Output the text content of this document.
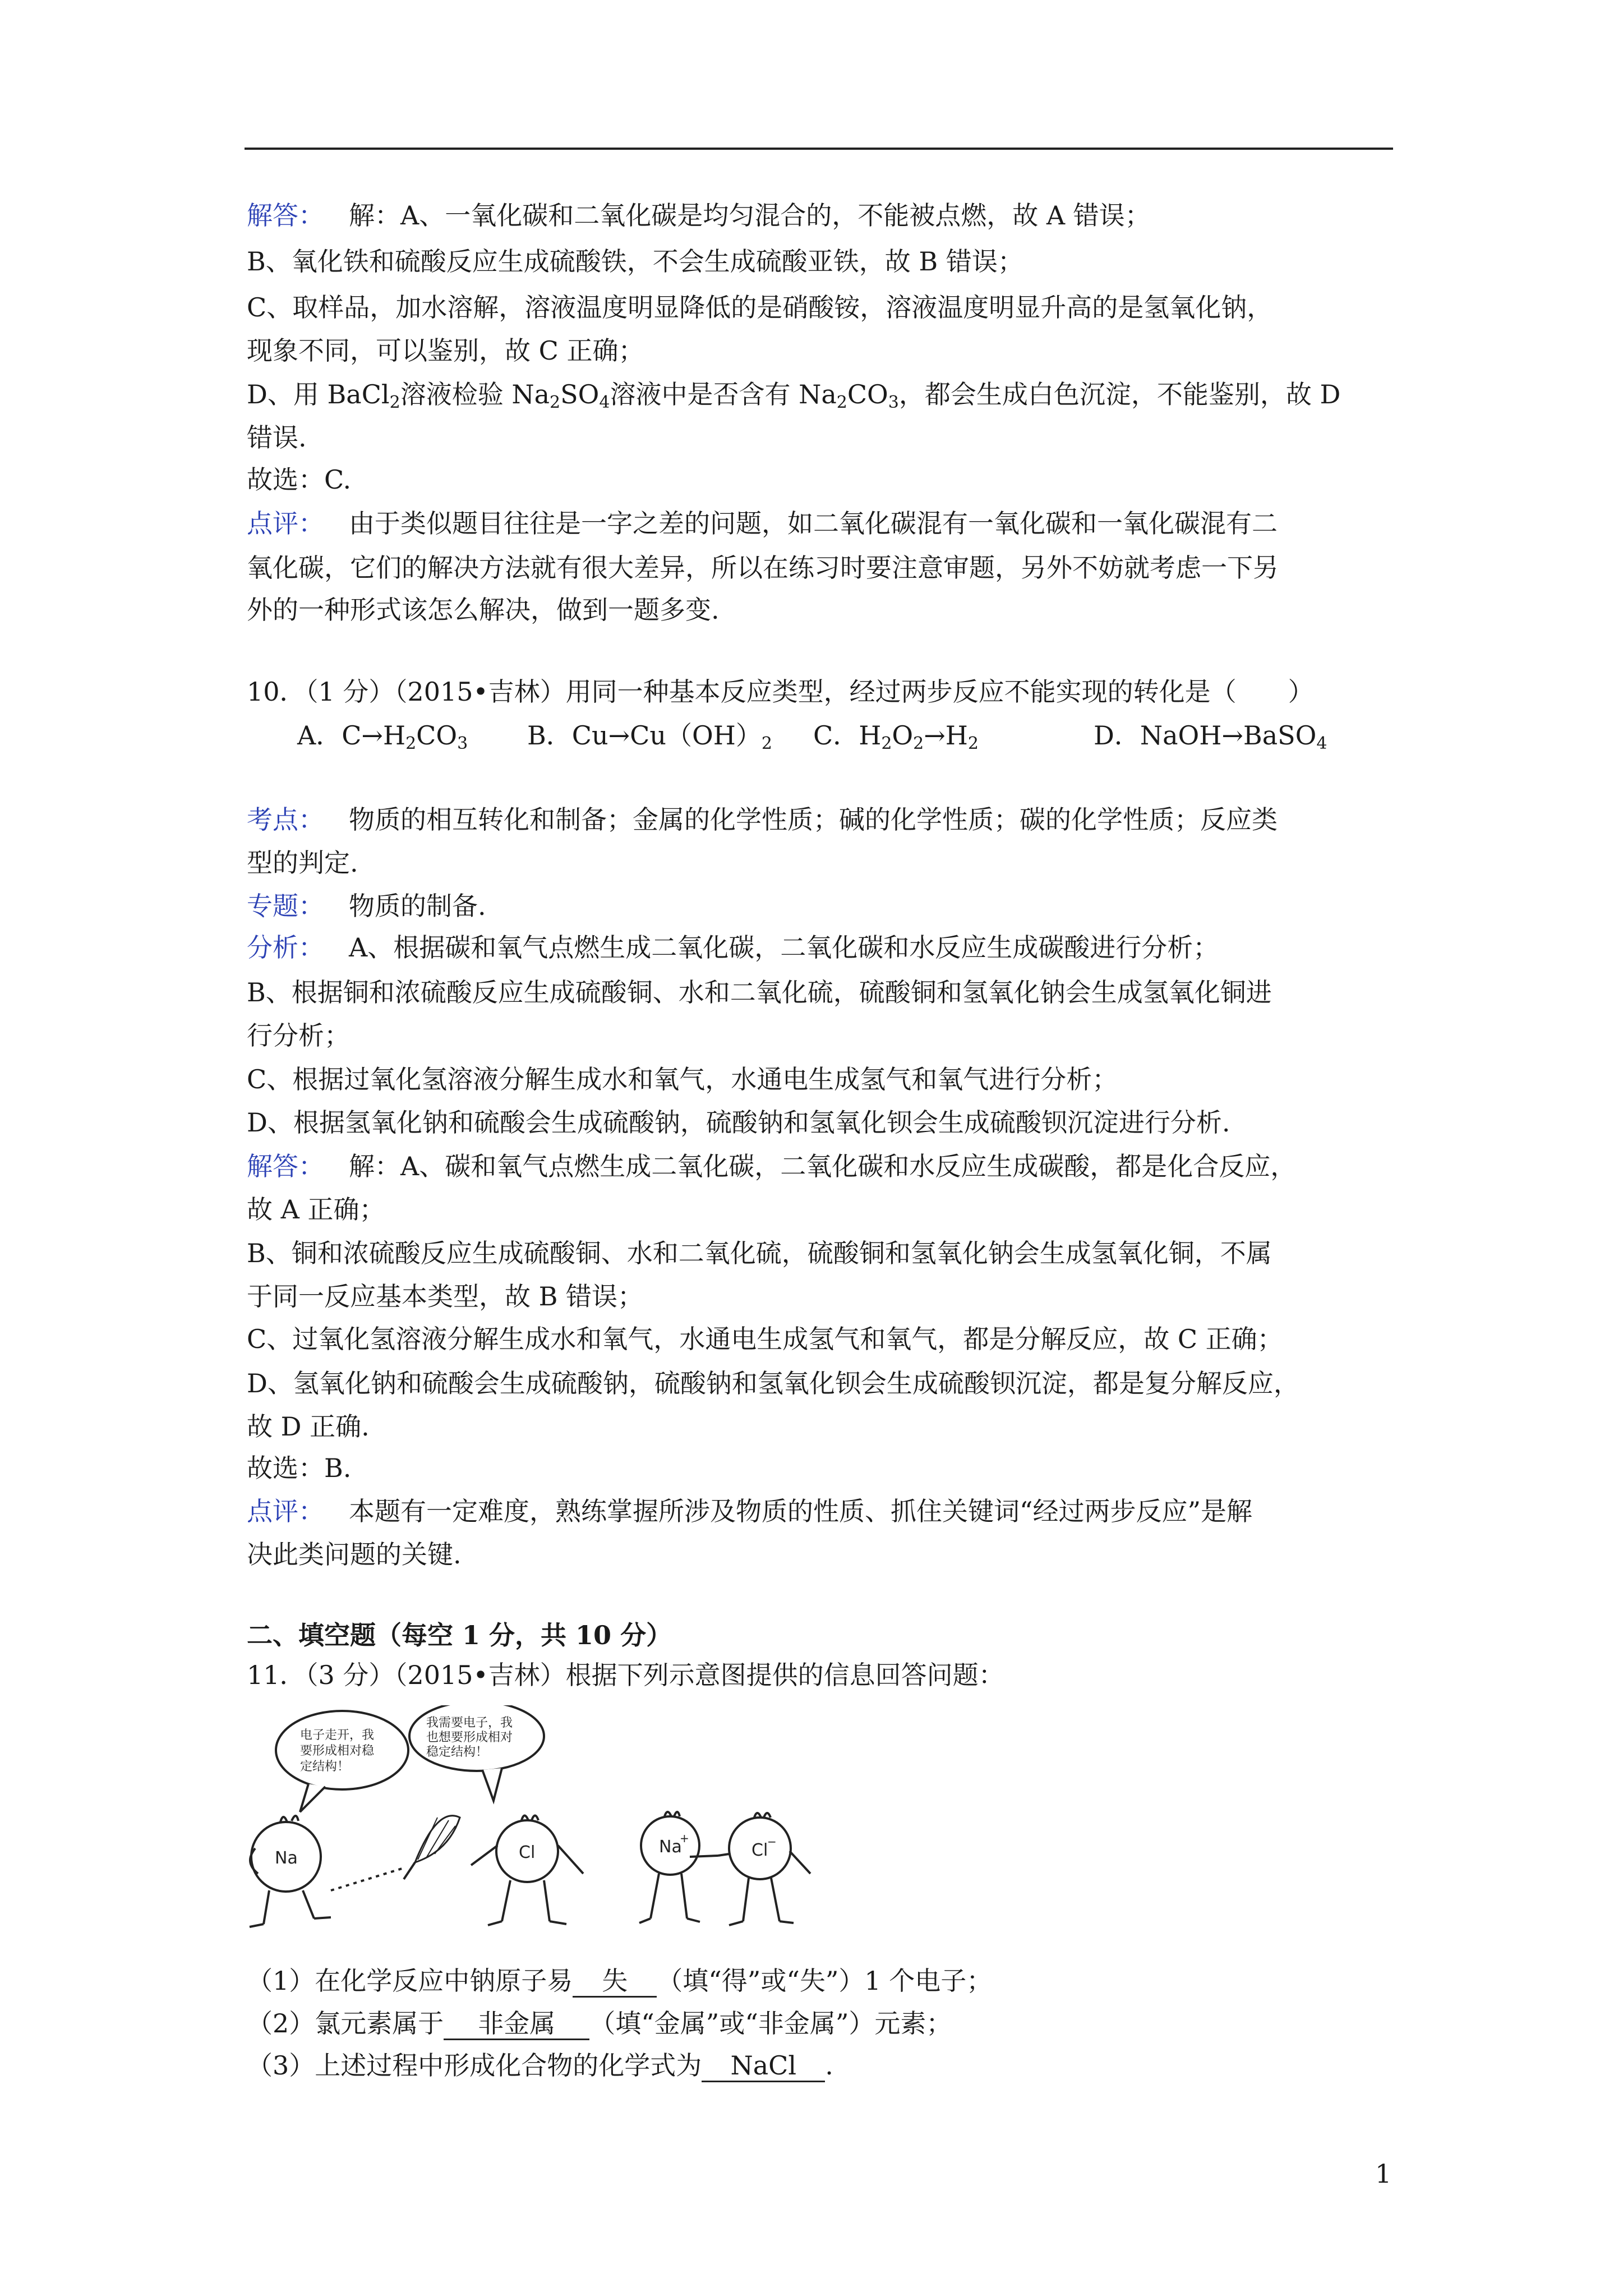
解答： 解：A、一氧化碳和二氧化碳是均匀混合的，不能被点燃，故 A 错误；
B、氧化铁和硫酸反应生成硫酸铁，不会生成硫酸亚铁，故 B 错误；
C、取样品，加水溶解，溶液温度明显降低的是硝酸铵，溶液温度明显升高的是氢氧化钠，
现象不同，可以鉴别，故 C 正确；
D、用 BaCl$_2$溶液检验 $Na_2SO_4$溶液中是否含有 $Na_2CO_3$，都会生成白色沉淀，不能鉴别，故 D
错误.
故选：C.
点评： 由于类似题目往往是一字之差的问题，如二氧化碳混有一氧化碳和一氧化碳混有二
氧化碳，它们的解决方法就有很大差异，所以在练习时要注意审题，另外不妨就考虑一下另
外的一种形式该怎么解决，做到一题多变.
10．（1 分）（2015•吉林）用同一种基本反应类型，经过两步反应不能实现的转化是（　　）
A．$C\to H_2CO_3$ B．$Cu\to Cu(OH)_2$ C．$H_2O_2\to H_2$	D．NaOH→BaSO$_4$
考点： 物质的相互转化和制备；金属的化学性质；碱的化学性质；碳的化学性质；反应类
型的判定.
专题： 物质的制备.
分析： A、根据碳和氧气点燃生成二氧化碳，二氧化碳和水反应生成碳酸进行分析；
B、根据铜和浓硫酸反应生成硫酸铜、水和二氧化硫，硫酸铜和氢氧化钠会生成氢氧化铜进
行分析；
C、根据过氧化氢溶液分解生成水和氧气，水通电生成氢气和氧气进行分析；
D、根据氢氧化钠和硫酸会生成硫酸钠，硫酸钠和氢氧化钡会生成硫酸钡沉淀进行分析.
解答： 解：A、碳和氧气点燃生成二氧化碳，二氧化碳和水反应生成碳酸，都是化合反应，
故 A 正确；
B、铜和浓硫酸反应生成硫酸铜、水和二氧化硫，硫酸铜和氢氧化钠会生成氢氧化铜，不属
于同一反应基本类型，故 B 错误；
C、过氧化氢溶液分解生成水和氧气，水通电生成氢气和氧气，都是分解反应，故 C 正确；
D、氢氧化钠和硫酸会生成硫酸钠，硫酸钠和氢氧化钡会生成硫酸钡沉淀，都是复分解反应，
故 D 正确.
故选：B.
点评： 本题有一定难度，熟练掌握所涉及物质的性质、抓住关键词“经过两步反应”是解
决此类问题的关键.
二、填空题（每空 1 分，共 10 分）
11．（3 分）（2015•吉林）根据下列示意图提供的信息回答问题：
电子走开，我
要形成相对稳
定结构！
我需要电子，我
也想要形成相对
稳定结构！
Na	Cl	Na
+
Cl
−
（1）在化学反应中钠原子易 失 （填“得”或“失”）1 个电子；
（2）氯元素属于 非金属 （填“金属”或“非金属”）元素；
（3）上述过程中形成化合物的化学式为 NaCl .
1
